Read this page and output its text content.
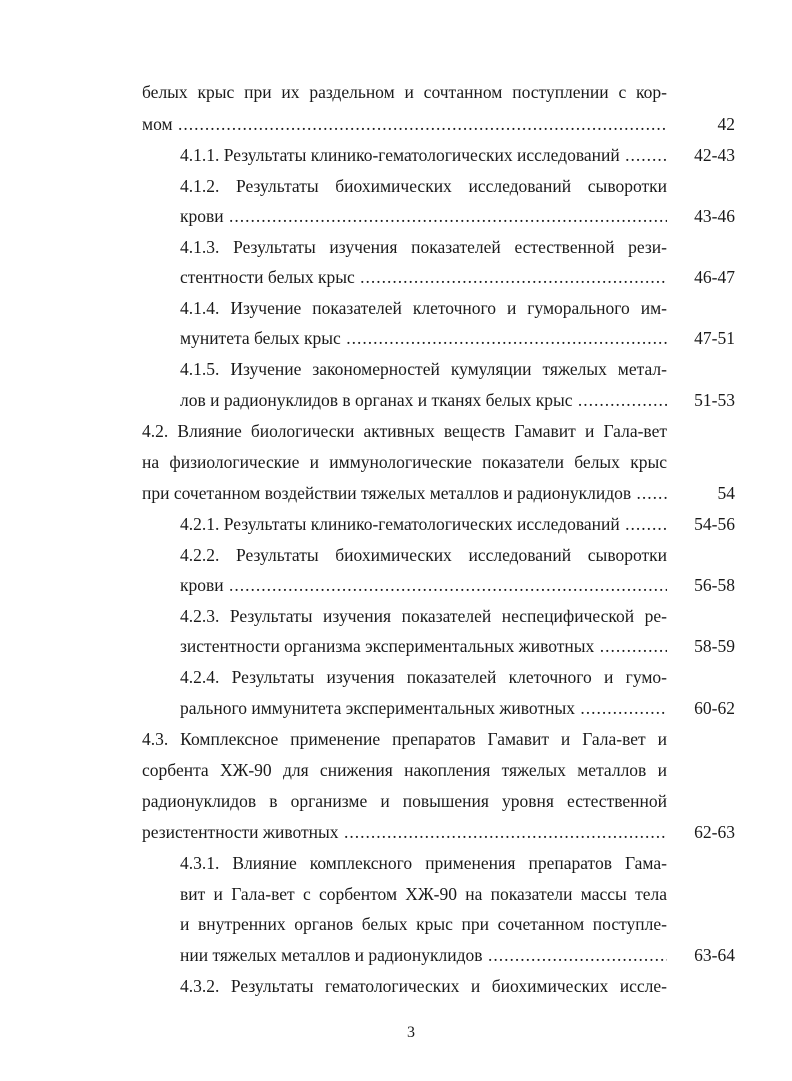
белых крыс при их раздельном и сочтанном поступлении с кор-
мом .....	42
4.1.1. Результаты клинико-гематологических исследований .....	42-43
4.1.2. Результаты биохимических исследований сыворотки
крови .....	43-46
4.1.3. Результаты изучения показателей естественной рези-
стентности белых крыс .....	46-47
4.1.4. Изучение показателей клеточного и гуморального им-
мунитета белых крыс .....	47-51
4.1.5. Изучение закономерностей кумуляции тяжелых метал-
лов и радионуклидов в органах и тканях белых крыс .....	51-53
4.2. Влияние биологически активных веществ Гамавит и Гала-вет
на физиологические и иммунологические показатели белых крыс
при сочетанном воздействии тяжелых металлов и радионуклидов .....	54
4.2.1. Результаты клинико-гематологических исследований .....	54-56
4.2.2. Результаты биохимических исследований сыворотки
крови .....	56-58
4.2.3. Результаты изучения показателей неспецифической ре-
зистентности организма экспериментальных животных .....	58-59
4.2.4. Результаты изучения показателей клеточного и гумо-
рального иммунитета экспериментальных животных .....	60-62
4.3. Комплексное применение препаратов Гамавит и Гала-вет и
сорбента ХЖ-90 для снижения накопления тяжелых металлов и
радионуклидов в организме и повышения уровня естественной
резистентности животных .....	62-63
4.3.1. Влияние комплексного применения препаратов Гама-
вит и Гала-вет с сорбентом ХЖ-90 на показатели массы тела
и внутренних органов белых крыс при сочетанном поступле-
нии тяжелых металлов и радионуклидов .....	63-64
4.3.2. Результаты гематологических и биохимических иссле-
3
